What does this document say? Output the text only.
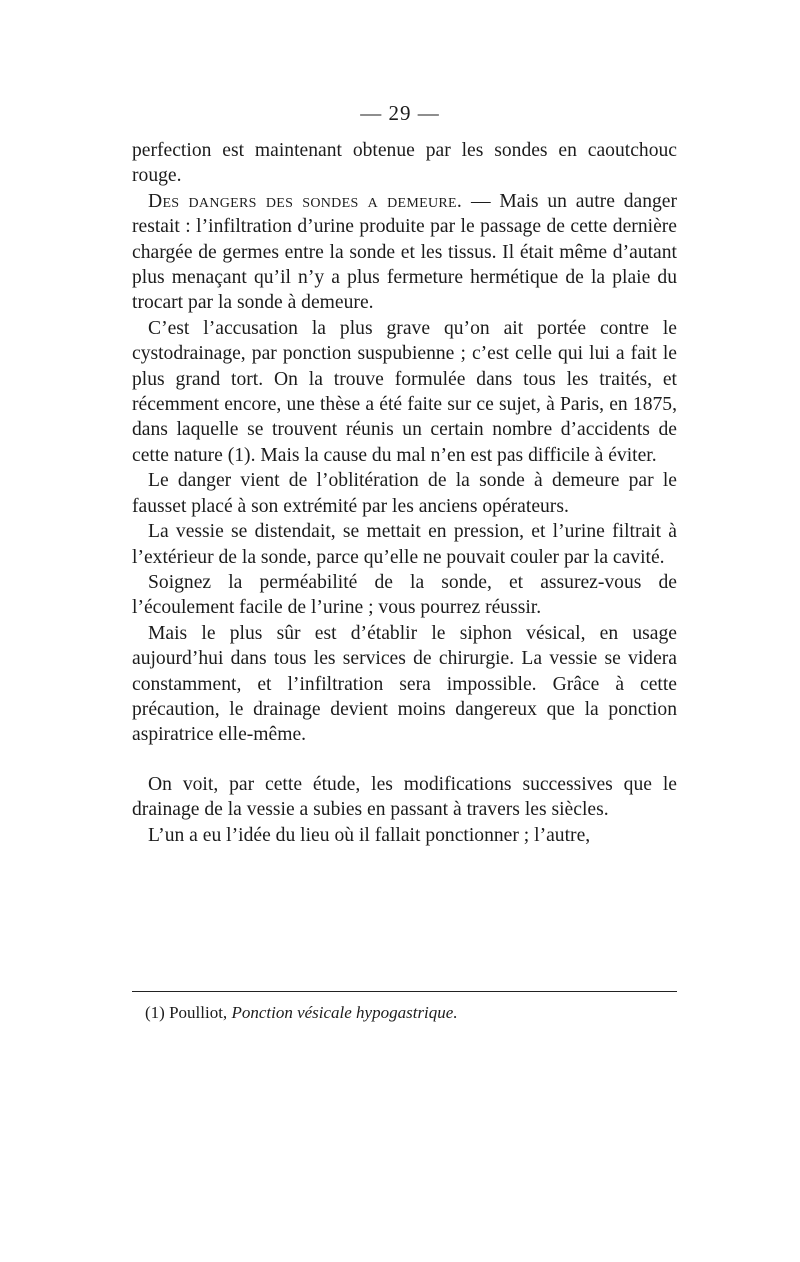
— 29 —

perfection est maintenant obtenue par les sondes en caoutchouc rouge.

Des dangers des sondes a demeure. — Mais un autre danger restait : l’infiltration d’urine produite par le passage de cette dernière chargée de germes entre la sonde et les tissus. Il était même d’autant plus menaçant qu’il n’y a plus fermeture hermétique de la plaie du trocart par la sonde à demeure.

C’est l’accusation la plus grave qu’on ait portée contre le cystodrainage, par ponction suspubienne ; c’est celle qui lui a fait le plus grand tort. On la trouve formulée dans tous les traités, et récemment encore, une thèse a été faite sur ce sujet, à Paris, en 1875, dans laquelle se trouvent réunis un certain nombre d’accidents de cette nature (1). Mais la cause du mal n’en est pas difficile à éviter.

Le danger vient de l’oblitération de la sonde à demeure par le fausset placé à son extrémité par les anciens opérateurs.

La vessie se distendait, se mettait en pression, et l’urine filtrait à l’extérieur de la sonde, parce qu’elle ne pouvait couler par la cavité.

Soignez la perméabilité de la sonde, et assurez-vous de l’écoulement facile de l’urine ; vous pourrez réussir.

Mais le plus sûr est d’établir le siphon vésical, en usage aujourd’hui dans tous les services de chirurgie. La vessie se videra constamment, et l’infiltration sera impossible. Grâce à cette précaution, le drainage devient moins dangereux que la ponction aspiratrice elle-même.

On voit, par cette étude, les modifications successives que le drainage de la vessie a subies en passant à travers les siècles.

L’un a eu l’idée du lieu où il fallait ponctionner ; l’autre,

(1) Poulliot, Ponction vésicale hypogastrique.
